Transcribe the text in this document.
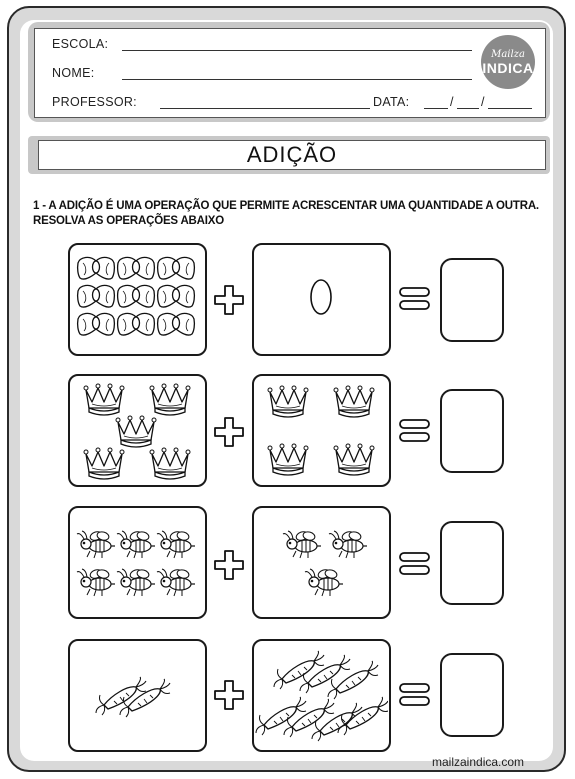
ESCOLA:
NOME:
PROFESSOR:	DATA:	/ /
Mailza
INDICA
ADIÇÃO
1 - A ADIÇÃO É UMA OPERAÇÃO QUE PERMITE ACRESCENTAR UMA QUANTIDADE A OUTRA. RESOLVA AS OPERAÇÕES ABAIXO
mailzaindica.com
